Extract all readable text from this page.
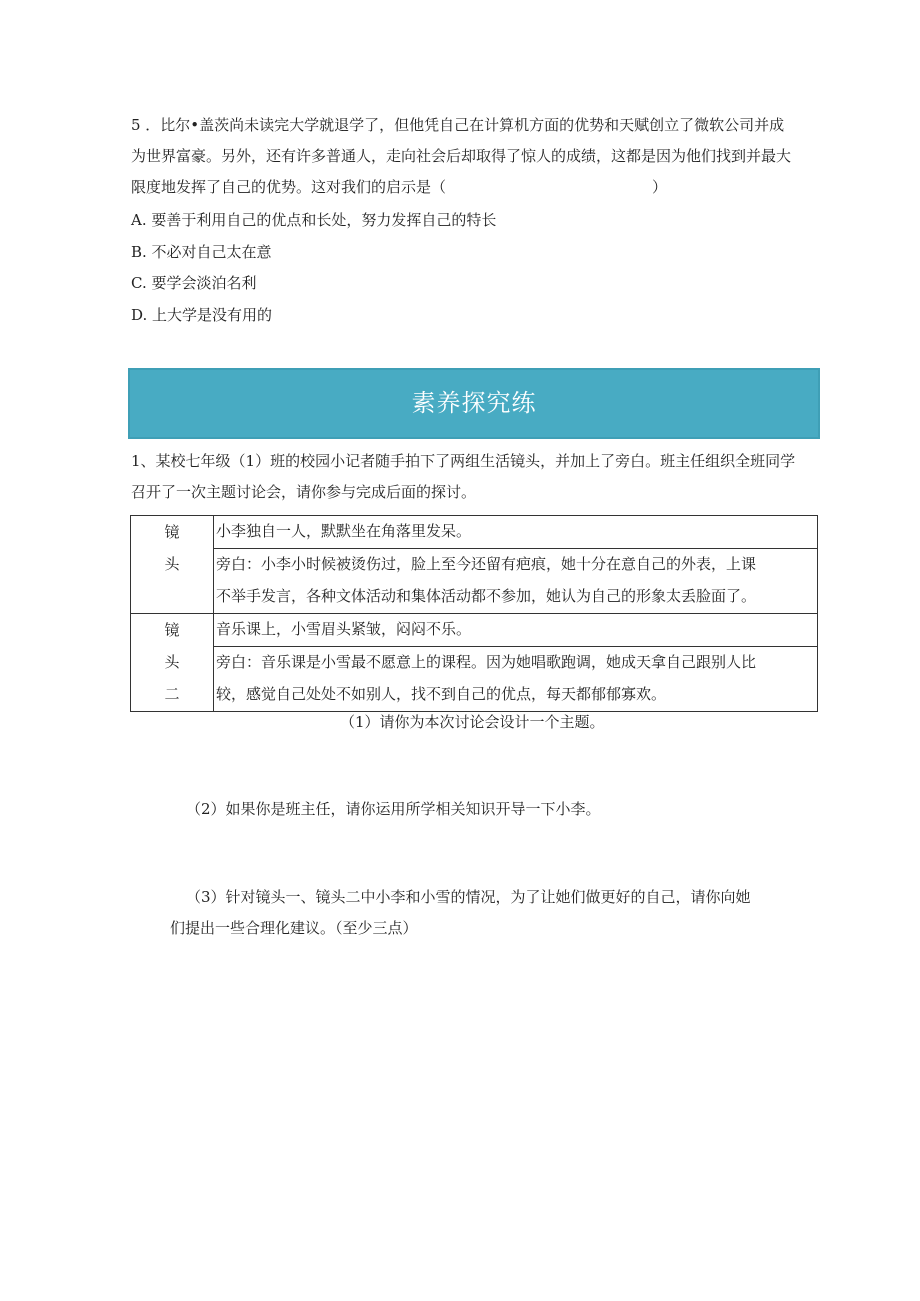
5 ．比尔•盖茨尚未读完大学就退学了，但他凭自己在计算机方面的优势和天赋创立了微软公司并成
为世界富豪。另外，还有许多普通人，走向社会后却取得了惊人的成绩，这都是因为他们找到并最大
限度地发挥了自己的优势。这对我们的启示是（	）
A. 要善于利用自己的优点和长处，努力发挥自己的特长
B. 不必对自己太在意
C. 要学会淡泊名利
D. 上大学是没有用的
素养探究练
1、某校七年级（1）班的校园小记者随手拍下了两组生活镜头，并加上了旁白。班主任组织全班同学
召开了一次主题讨论会，请你参与完成后面的探讨。
镜
头	小李独自一人，默默坐在角落里发呆。

	旁白：小李小时候被烫伤过，脸上至今还留有疤痕，她十分在意自己的外表，上课
不举手发言，各种文体活动和集体活动都不参加，她认为自己的形象太丢脸面了。

镜
头
二	音乐课上，小雪眉头紧皱，闷闷不乐。

	旁白：音乐课是小雪最不愿意上的课程。因为她唱歌跑调，她成天拿自己跟别人比
较，感觉自己处处不如别人，找不到自己的优点，每天都郁郁寡欢。
（1）请你为本次讨论会设计一个主题。
（2）如果你是班主任，请你运用所学相关知识开导一下小李。
（3）针对镜头一、镜头二中小李和小雪的情况，为了让她们做更好的自己，请你向她
们提出一些合理化建议。（至少三点）
